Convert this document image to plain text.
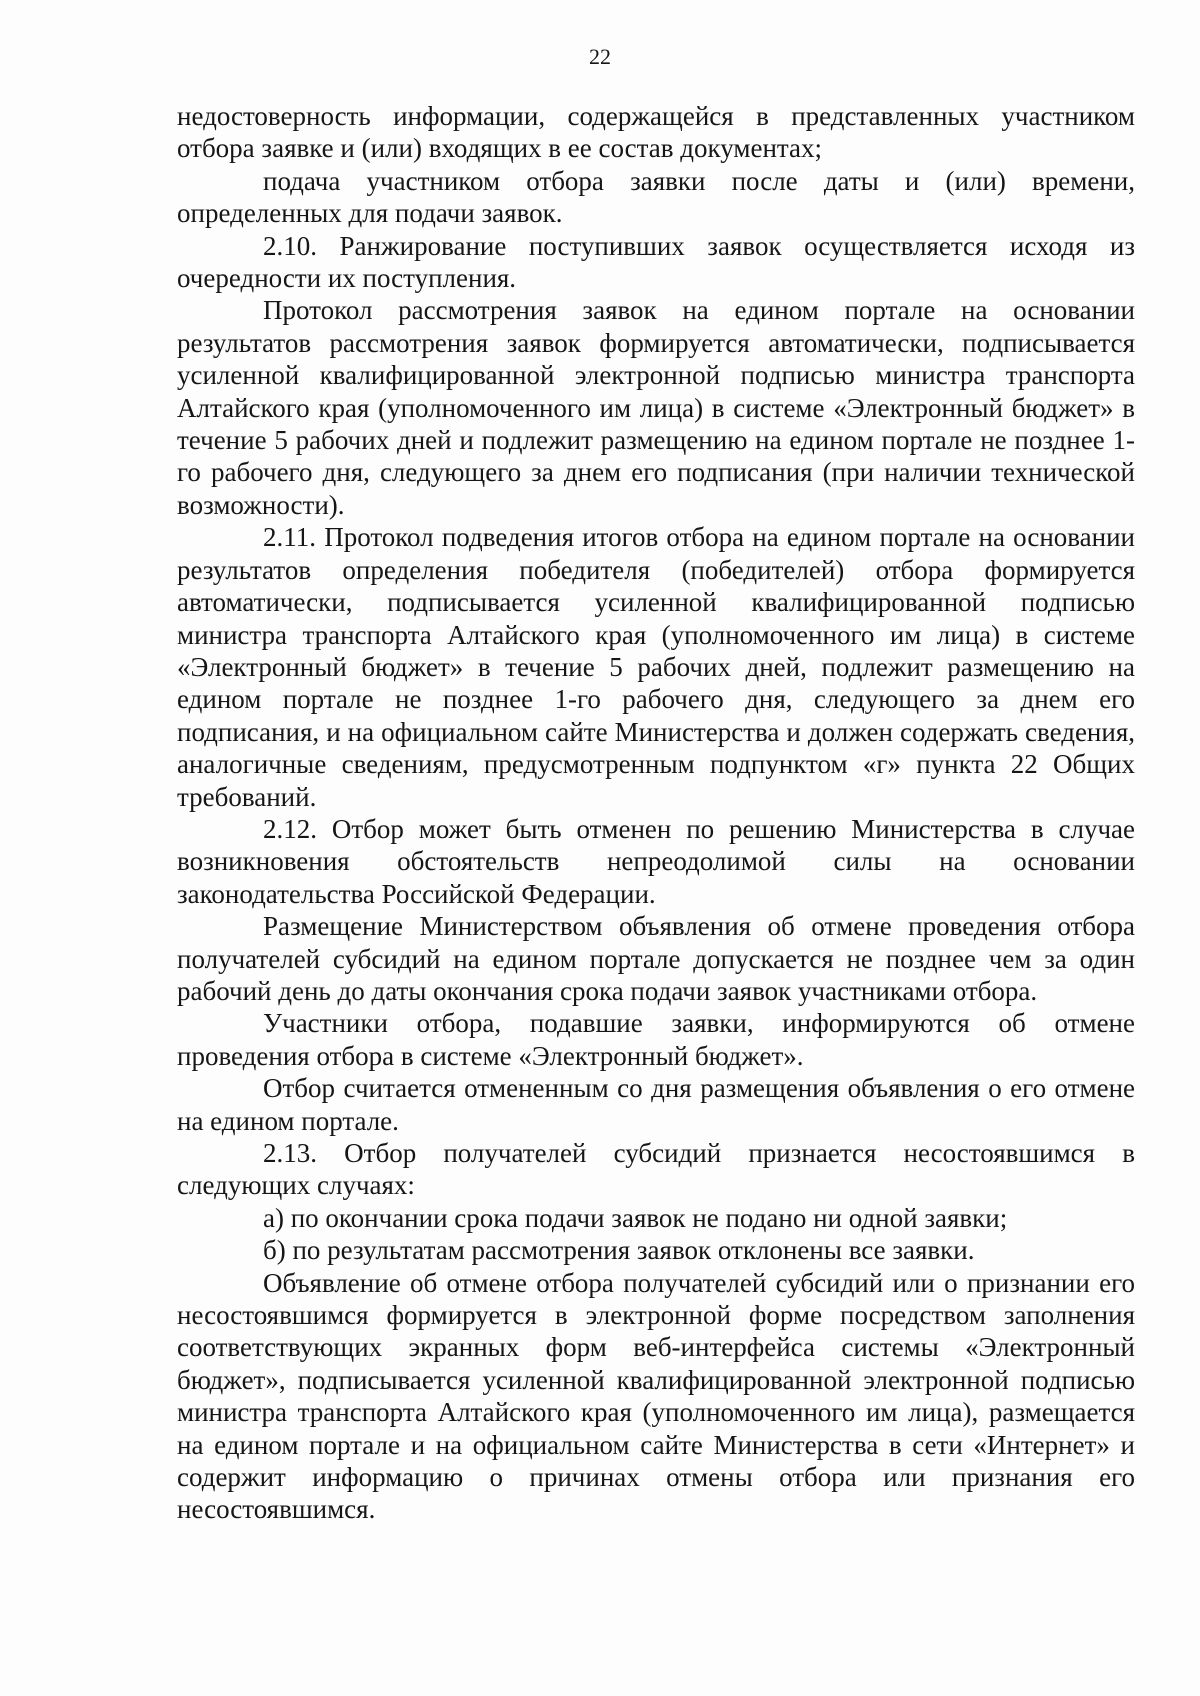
22

недостоверность информации, содержащейся в представленных участником отбора заявке и (или) входящих в ее состав документах;

подача участником отбора заявки после даты и (или) времени, определенных для подачи заявок.

2.10. Ранжирование поступивших заявок осуществляется исходя из очередности их поступления.

Протокол рассмотрения заявок на едином портале на основании результатов рассмотрения заявок формируется автоматически, подписывается усиленной квалифицированной электронной подписью министра транспорта Алтайского края (уполномоченного им лица) в системе «Электронный бюджет» в течение 5 рабочих дней и подлежит размещению на едином портале не позднее 1-го рабочего дня, следующего за днем его подписания (при наличии технической возможности).

2.11. Протокол подведения итогов отбора на едином портале на основании результатов определения победителя (победителей) отбора формируется автоматически, подписывается усиленной квалифицированной подписью министра транспорта Алтайского края (уполномоченного им лица) в системе «Электронный бюджет» в течение 5 рабочих дней, подлежит размещению на едином портале не позднее 1-го рабочего дня, следующего за днем его подписания, и на официальном сайте Министерства и должен содержать сведения, аналогичные сведениям, предусмотренным подпунктом «г» пункта 22 Общих требований.

2.12. Отбор может быть отменен по решению Министерства в случае возникновения обстоятельств непреодолимой силы на основании законодательства Российской Федерации.

Размещение Министерством объявления об отмене проведения отбора получателей субсидий на едином портале допускается не позднее чем за один рабочий день до даты окончания срока подачи заявок участниками отбора.

Участники отбора, подавшие заявки, информируются об отмене проведения отбора в системе «Электронный бюджет».

Отбор считается отмененным со дня размещения объявления о его отмене на едином портале.

2.13. Отбор получателей субсидий признается несостоявшимся в следующих случаях:

а) по окончании срока подачи заявок не подано ни одной заявки;

б) по результатам рассмотрения заявок отклонены все заявки.

Объявление об отмене отбора получателей субсидий или о признании его несостоявшимся формируется в электронной форме посредством заполнения соответствующих экранных форм веб-интерфейса системы «Электронный бюджет», подписывается усиленной квалифицированной электронной подписью министра транспорта Алтайского края (уполномоченного им лица), размещается на едином портале и на официальном сайте Министерства в сети «Интернет» и содержит информацию о причинах отмены отбора или признания его несостоявшимся.
